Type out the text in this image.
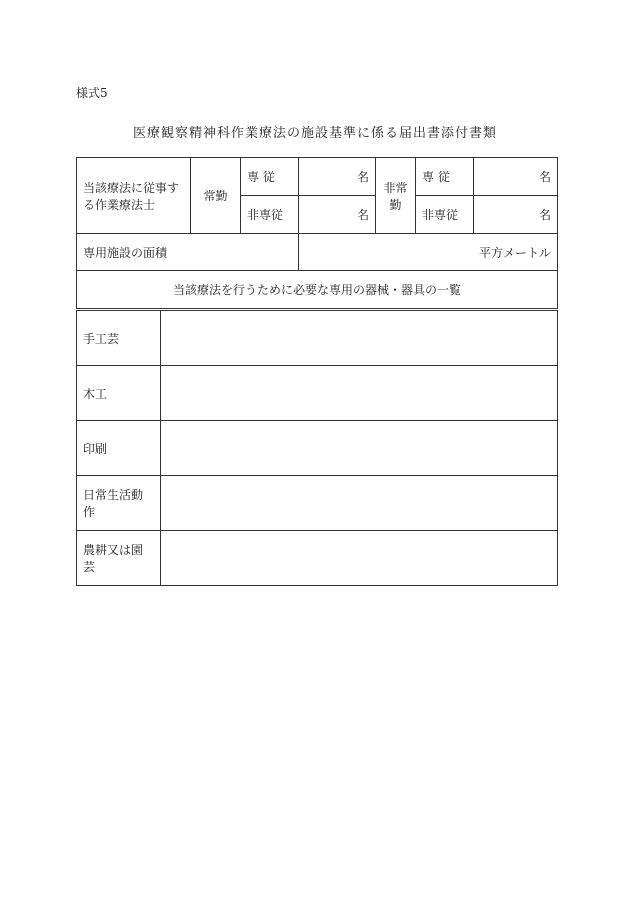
様式5
医療観察精神科作業療法の施設基準に係る届出書添付書類
当該療法に従事する作業療法士	常勤	専 従	名	非常勤	専 従	名
		非専従	名		非専従	名
専用施設の面積			平方メートル			
当該療法を行うために必要な専用の器械・器具の一覧						
手工芸	
木工	
印刷	
日常生活動作	
農耕又は園芸	
